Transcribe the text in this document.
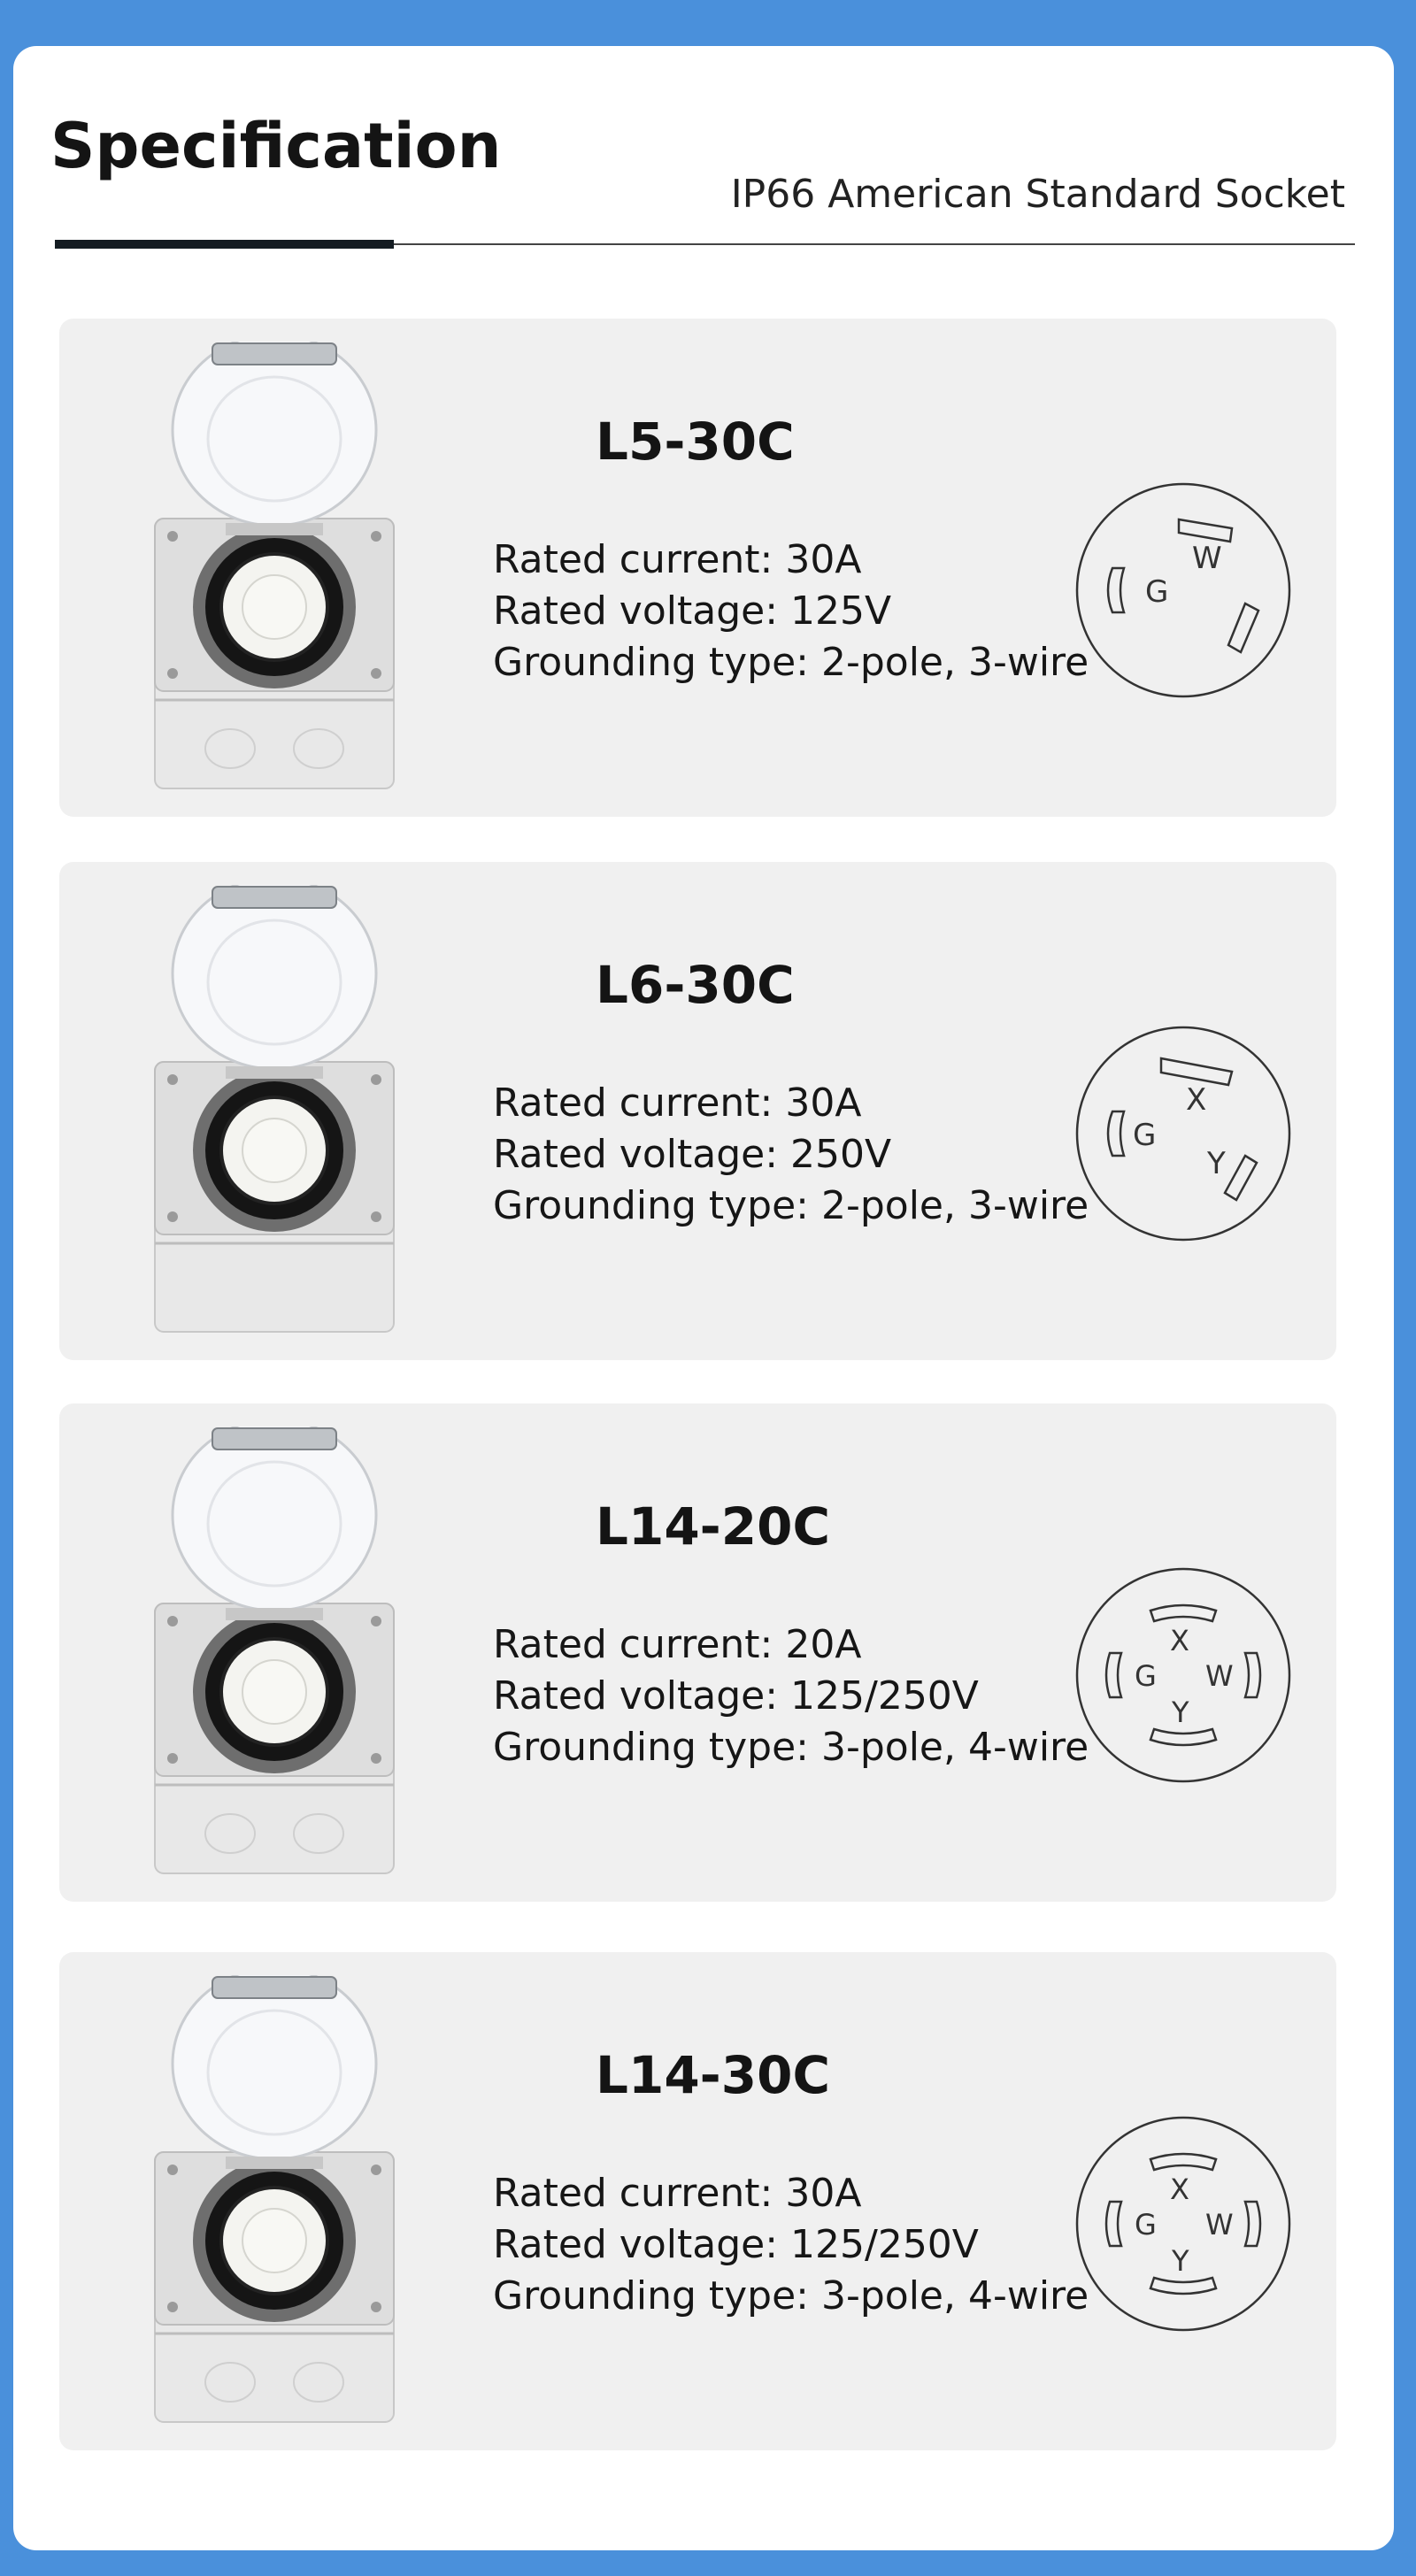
Specification
IP66 American Standard Socket
L5-30C
Rated current: 30A
Rated voltage: 125V
Grounding type: 2-pole, 3-wire
G
W
L6-30C
Rated current: 30A
Rated voltage: 250V
Grounding type: 2-pole, 3-wire
G
X
Y
L14-20C
Rated current: 20A
Rated voltage: 125/250V
Grounding type: 3-pole, 4-wire
X
G W
Y
L14-30C
Rated current: 30A
Rated voltage: 125/250V
Grounding type: 3-pole, 4-wire
X
G W
Y
